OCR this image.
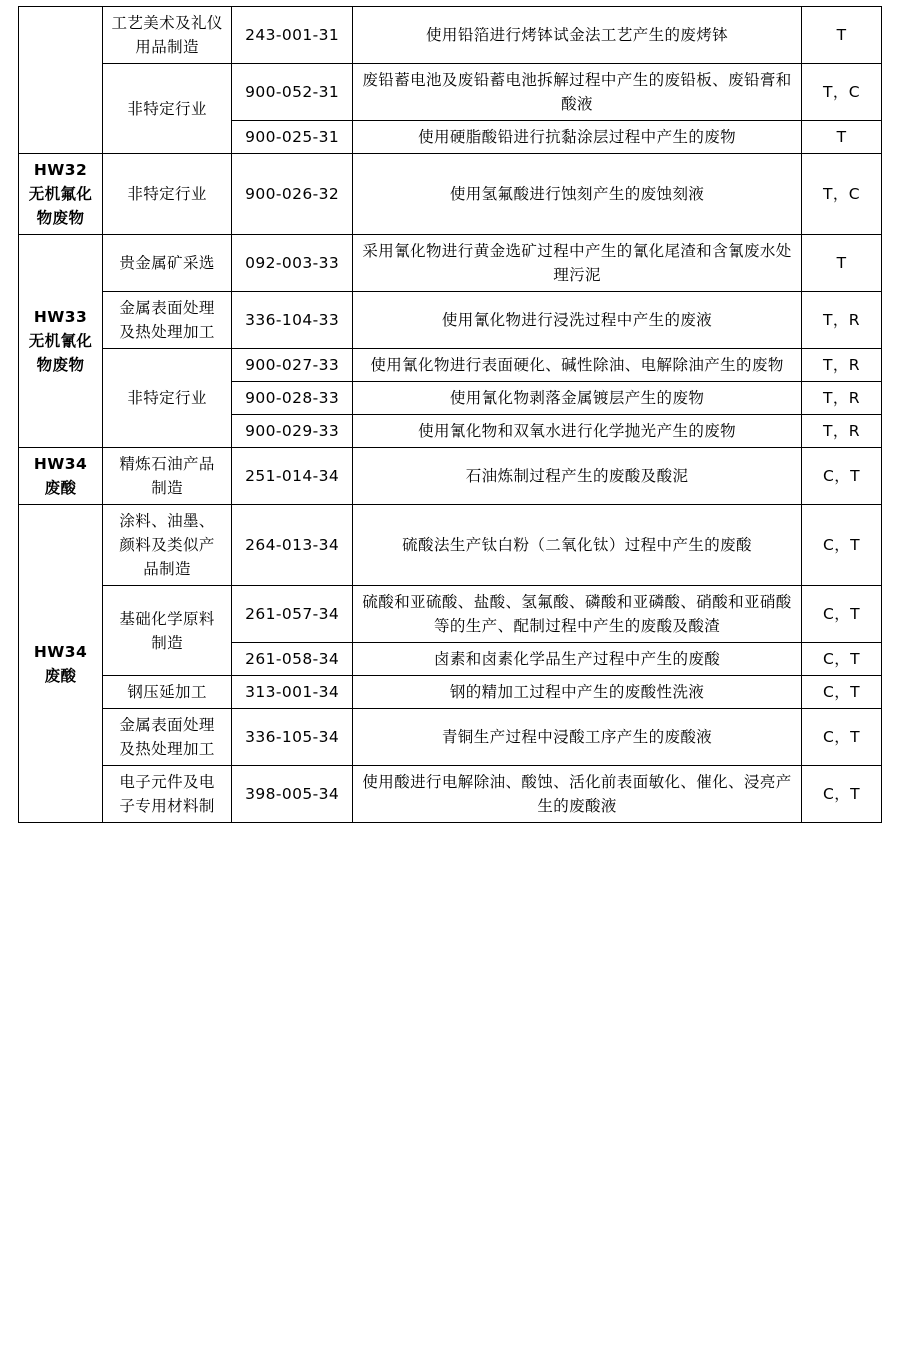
	工艺美术及礼仪用品制造	243-001-31	使用铅箔进行烤钵试金法工艺产生的废烤钵	T
	非特定行业	900-052-31	废铅蓄电池及废铅蓄电池拆解过程中产生的废铅板、废铅膏和酸液	T，C
		900-025-31	使用硬脂酸铅进行抗黏涂层过程中产生的废物	T

HW32
无机氟化
物废物	非特定行业	900-026-32	使用氢氟酸进行蚀刻产生的废蚀刻液	T，C

HW33
无机氰化
物废物	贵金属矿采选	092-003-33	采用氰化物进行黄金选矿过程中产生的氰化尾渣和含氰废水处理污泥	T

	金属表面处理
及热处理加工	336-104-33	使用氰化物进行浸洗过程中产生的废液	T，R
	非特定行业	900-027-33	使用氰化物进行表面硬化、碱性除油、电解除油产生的废物	T，R
		900-028-33	使用氰化物剥落金属镀层产生的废物	T，R
		900-029-33	使用氰化物和双氧水进行化学抛光产生的废物	T，R

HW34
废酸	精炼石油产品
制造	251-014-34	石油炼制过程产生的废酸及酸泥	C，T

HW34
废酸	涂料、油墨、
颜料及类似产
品制造	264-013-34	硫酸法生产钛白粉（二氧化钛）过程中产生的废酸	C，T

	基础化学原料
制造	261-057-34	硫酸和亚硫酸、盐酸、氢氟酸、磷酸和亚磷酸、硝酸和亚硝酸等的生产、配制过程中产生的废酸及酸渣	C，T
		261-058-34	卤素和卤素化学品生产过程中产生的废酸	C，T
	钢压延加工	313-001-34	钢的精加工过程中产生的废酸性洗液	C，T

	金属表面处理
及热处理加工	336-105-34	青铜生产过程中浸酸工序产生的废酸液	C，T

	电子元件及电
子专用材料制	398-005-34	使用酸进行电解除油、酸蚀、活化前表面敏化、催化、浸亮产生的废酸液	C，T
